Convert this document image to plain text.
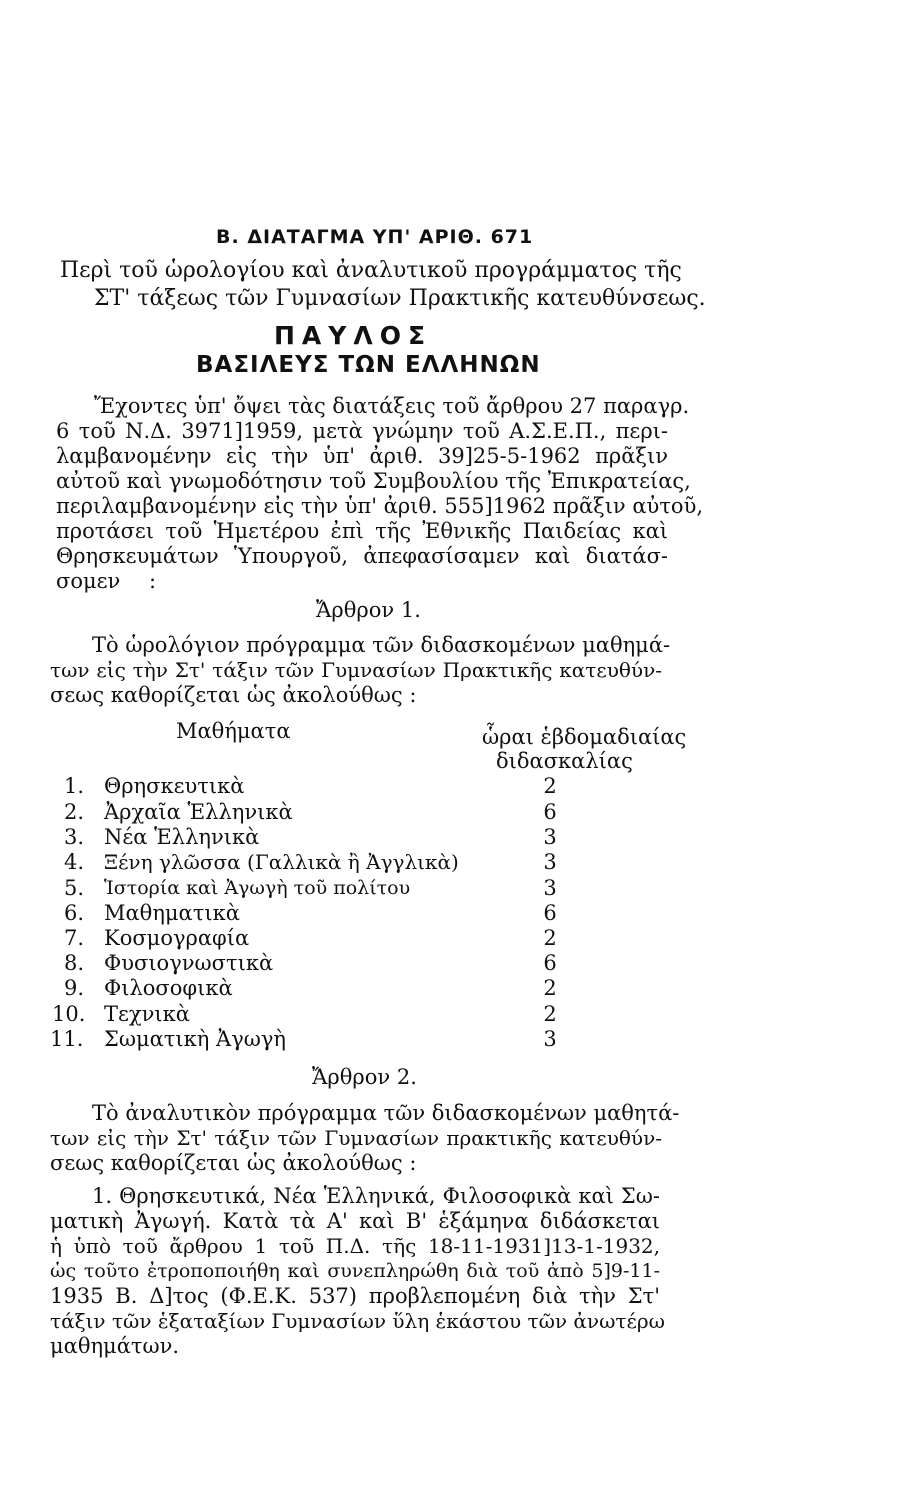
Β. ΔΙΑΤΑΓΜΑ ΥΠ' ΑΡΙΘ. 671
Περὶ τοῦ ὡρολογίου καὶ ἀναλυτικοῦ προγράμματος τῆς
ΣΤ' τάξεως τῶν Γυμνασίων Πρακτικῆς κατευθύνσεως.
ΠΑΥΛΟΣ
ΒΑΣΙΛΕΥΣ ΤΩΝ ΕΛΛΗΝΩΝ
Ἔχοντες ὑπ' ὄψει τὰς διατάξεις τοῦ ἄρθρου 27 παραγρ.
6 τοῦ Ν.Δ. 3971]1959, μετὰ γνώμην τοῦ Α.Σ.Ε.Π., περι-
λαμβανομένην εἰς τὴν ὑπ' ἀριθ. 39]25-5-1962 πρᾶξιν
αὐτοῦ καὶ γνωμοδότησιν τοῦ Συμβουλίου τῆς Ἐπικρατείας,
περιλαμβανομένην εἰς τὴν ὑπ' ἀριθ. 555]1962 πρᾶξιν αὐτοῦ,
προτάσει τοῦ Ἡμετέρου ἐπὶ τῆς Ἐθνικῆς Παιδείας καὶ
Θρησκευμάτων Ὑπουργοῦ, ἀπεφασίσαμεν καὶ διατάσ-
σομεν :
Ἄρθρον 1.
Τὸ ὡρολόγιον πρόγραμμα τῶν διδασκομένων μαθημά-
των εἰς τὴν Στ' τάξιν τῶν Γυμνασίων Πρακτικῆς κατευθύν-
σεως καθορίζεται ὡς ἀκολούθως :
Μαθήματα	ὧραι ἑβδομαδιαίας
διδασκαλίας
1. Θρησκευτικὰ	2
2. Ἀρχαῖα Ἑλληνικὰ	6
3. Νέα Ἑλληνικὰ	3
4. Ξένη γλῶσσα (Γαλλικὰ ἢ Ἀγγλικὰ)	3
5. Ἱστορία καὶ Ἀγωγὴ τοῦ πολίτου	3
6. Μαθηματικὰ	6
7. Κοσμογραφία	2
8. Φυσιογνωστικὰ	6
9. Φιλοσοφικὰ	2
10. Τεχνικὰ	2
11. Σωματικὴ Ἀγωγὴ	3
Ἄρθρον 2.
Τὸ ἀναλυτικὸν πρόγραμμα τῶν διδασκομένων μαθητά-
των εἰς τὴν Στ' τάξιν τῶν Γυμνασίων πρακτικῆς κατευθύν-
σεως καθορίζεται ὡς ἀκολούθως :
1. Θρησκευτικά, Νέα Ἑλληνικά, Φιλοσοφικὰ καὶ Σω-
ματικὴ Ἀγωγή. Κατὰ τὰ Α' καὶ Β' ἑξάμηνα διδάσκεται
ἡ ὑπὸ τοῦ ἄρθρου 1 τοῦ Π.Δ. τῆς 18-11-1931]13-1-1932,
ὡς τοῦτο ἐτροποποιήθη καὶ συνεπληρώθη διὰ τοῦ ἀπὸ 5]9-11-
1935 Β. Δ]τος (Φ.Ε.Κ. 537) προβλεπομένη διὰ τὴν Στ'
τάξιν τῶν ἑξαταξίων Γυμνασίων ὕλη ἑκάστου τῶν ἀνωτέρω
μαθημάτων.
